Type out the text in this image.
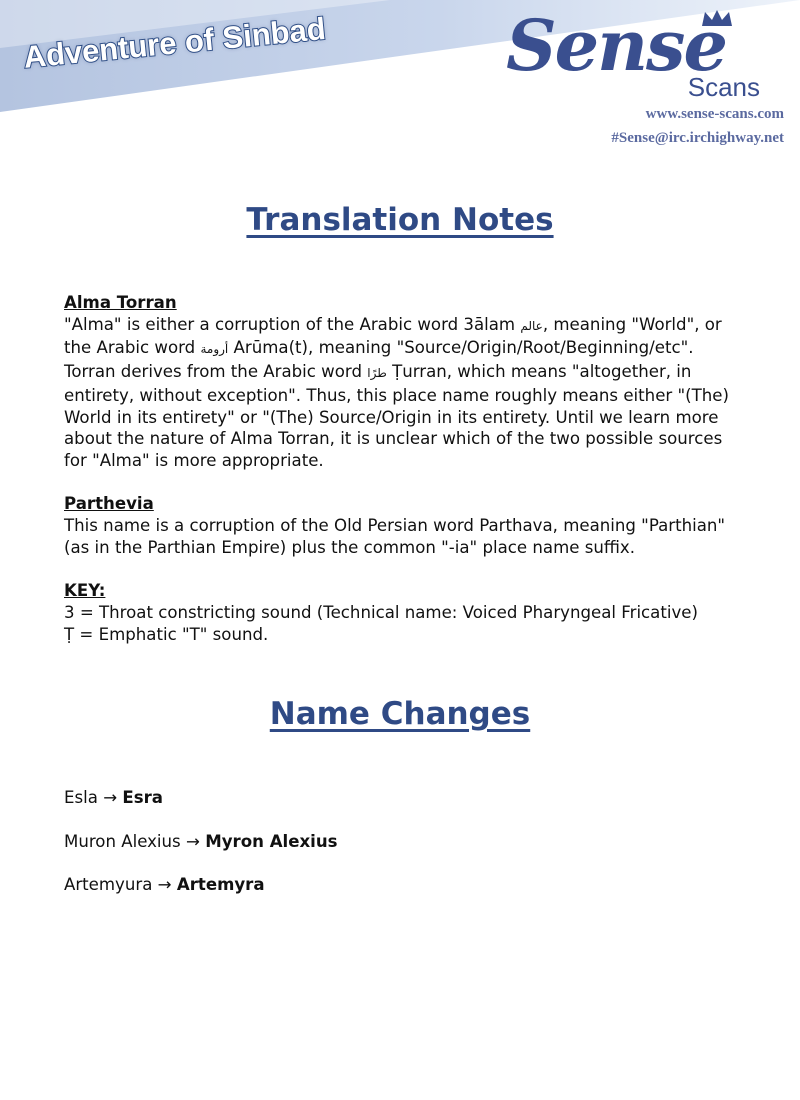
Adventure of Sinbad	Sense
Scans
www.sense-scans.com
#Sense@irc.irchighway.net
Translation Notes
Alma Torran

"Alma" is either a corruption of the Arabic word 3ālam عالم, meaning "World", or
the Arabic word أرومة Arūma(t), meaning "Source/Origin/Root/Beginning/etc".
Torran derives from the Arabic word طرًا Ṭurran, which means "altogether, in
entirety, without exception". Thus, this place name roughly means either "(The)
World in its entirety" or "(The) Source/Origin in its entirety. Until we learn more
about the nature of Alma Torran, it is unclear which of the two possible sources
for "Alma" is more appropriate.

Parthevia

This name is a corruption of the Old Persian word Parthava, meaning "Parthian"
(as in the Parthian Empire) plus the common "-ia" place name suffix.

KEY:

3 = Throat constricting sound (Technical name: Voiced Pharyngeal Fricative)
Ṭ = Emphatic "T" sound.

Name Changes
Esla → Esra
Muron Alexius → Myron Alexius
Artemyura → Artemyra
